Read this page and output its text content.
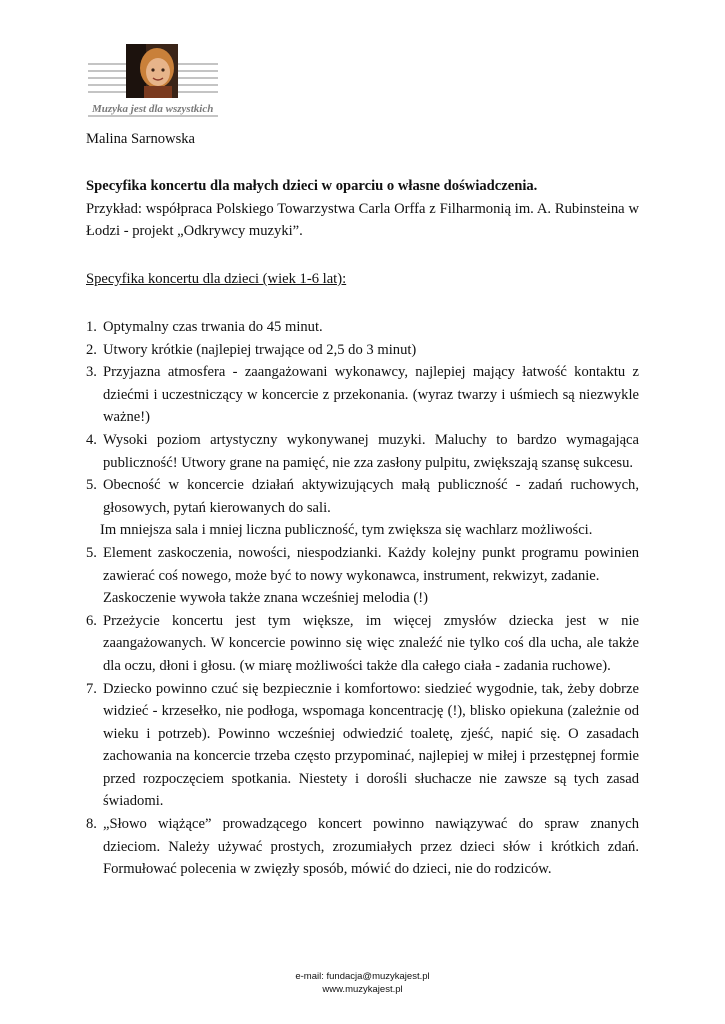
Muzyka jest dla wszystkich

Malina Sarnowska

Specyfika koncertu dla małych dzieci w oparciu o własne doświadczenia.

Przykład: współpraca Polskiego Towarzystwa Carla Orffa z Filharmonią im. A. Rubinsteina w Łodzi - projekt „Odkrywcy muzyki”.

Specyfika koncertu dla dzieci (wiek 1-6 lat):

1. Optymalny czas trwania do 45 minut.
2. Utwory krótkie (najlepiej trwające od 2,5 do 3 minut)
3. Przyjazna atmosfera - zaangażowani wykonawcy, najlepiej mający łatwość kontaktu z dziećmi i uczestniczący w koncercie z przekonania. (wyraz twarzy i uśmiech są niezwykle ważne!)
4. Wysoki poziom artystyczny wykonywanej muzyki. Maluchy to bardzo wymagająca publiczność! Utwory grane na pamięć, nie zza zasłony pulpitu, zwiększają szansę sukcesu.
5. Obecność w koncercie działań aktywizujących małą publiczność - zadań ruchowych, głosowych, pytań kierowanych do sali.

Im mniejsza sala i mniej liczna publiczność, tym zwiększa się wachlarz możliwości.

5. Element zaskoczenia, nowości, niespodzianki. Każdy kolejny punkt programu powinien zawierać coś nowego, może być to nowy wykonawca, instrument, rekwizyt, zadanie.

Zaskoczenie wywoła także znana wcześniej melodia (!)

6. Przeżycie koncertu jest tym większe, im więcej zmysłów dziecka jest w nie zaangażowanych. W koncercie powinno się więc znaleźć nie tylko coś dla ucha, ale także dla oczu, dłoni i głosu. (w miarę możliwości także dla całego ciała - zadania ruchowe).
7. Dziecko powinno czuć się bezpiecznie i komfortowo: siedzieć wygodnie, tak, żeby dobrze widzieć - krzesełko, nie podłoga, wspomaga koncentrację (!), blisko opiekuna (zależnie od wieku i potrzeb). Powinno wcześniej odwiedzić toaletę, zjeść, napić się. O zasadach zachowania na koncercie trzeba często przypominać, najlepiej w miłej i przestępnej formie przed rozpoczęciem spotkania. Niestety i dorośli słuchacze nie zawsze są tych zasad świadomi.
8. „Słowo wiążące” prowadzącego koncert powinno nawiązywać do spraw znanych dzieciom. Należy używać prostych, zrozumiałych przez dzieci słów i krótkich zdań. Formułować polecenia w zwięzły sposób, mówić do dzieci, nie do rodziców.
e-mail: fundacja@muzykajest.pl
www.muzykajest.pl
